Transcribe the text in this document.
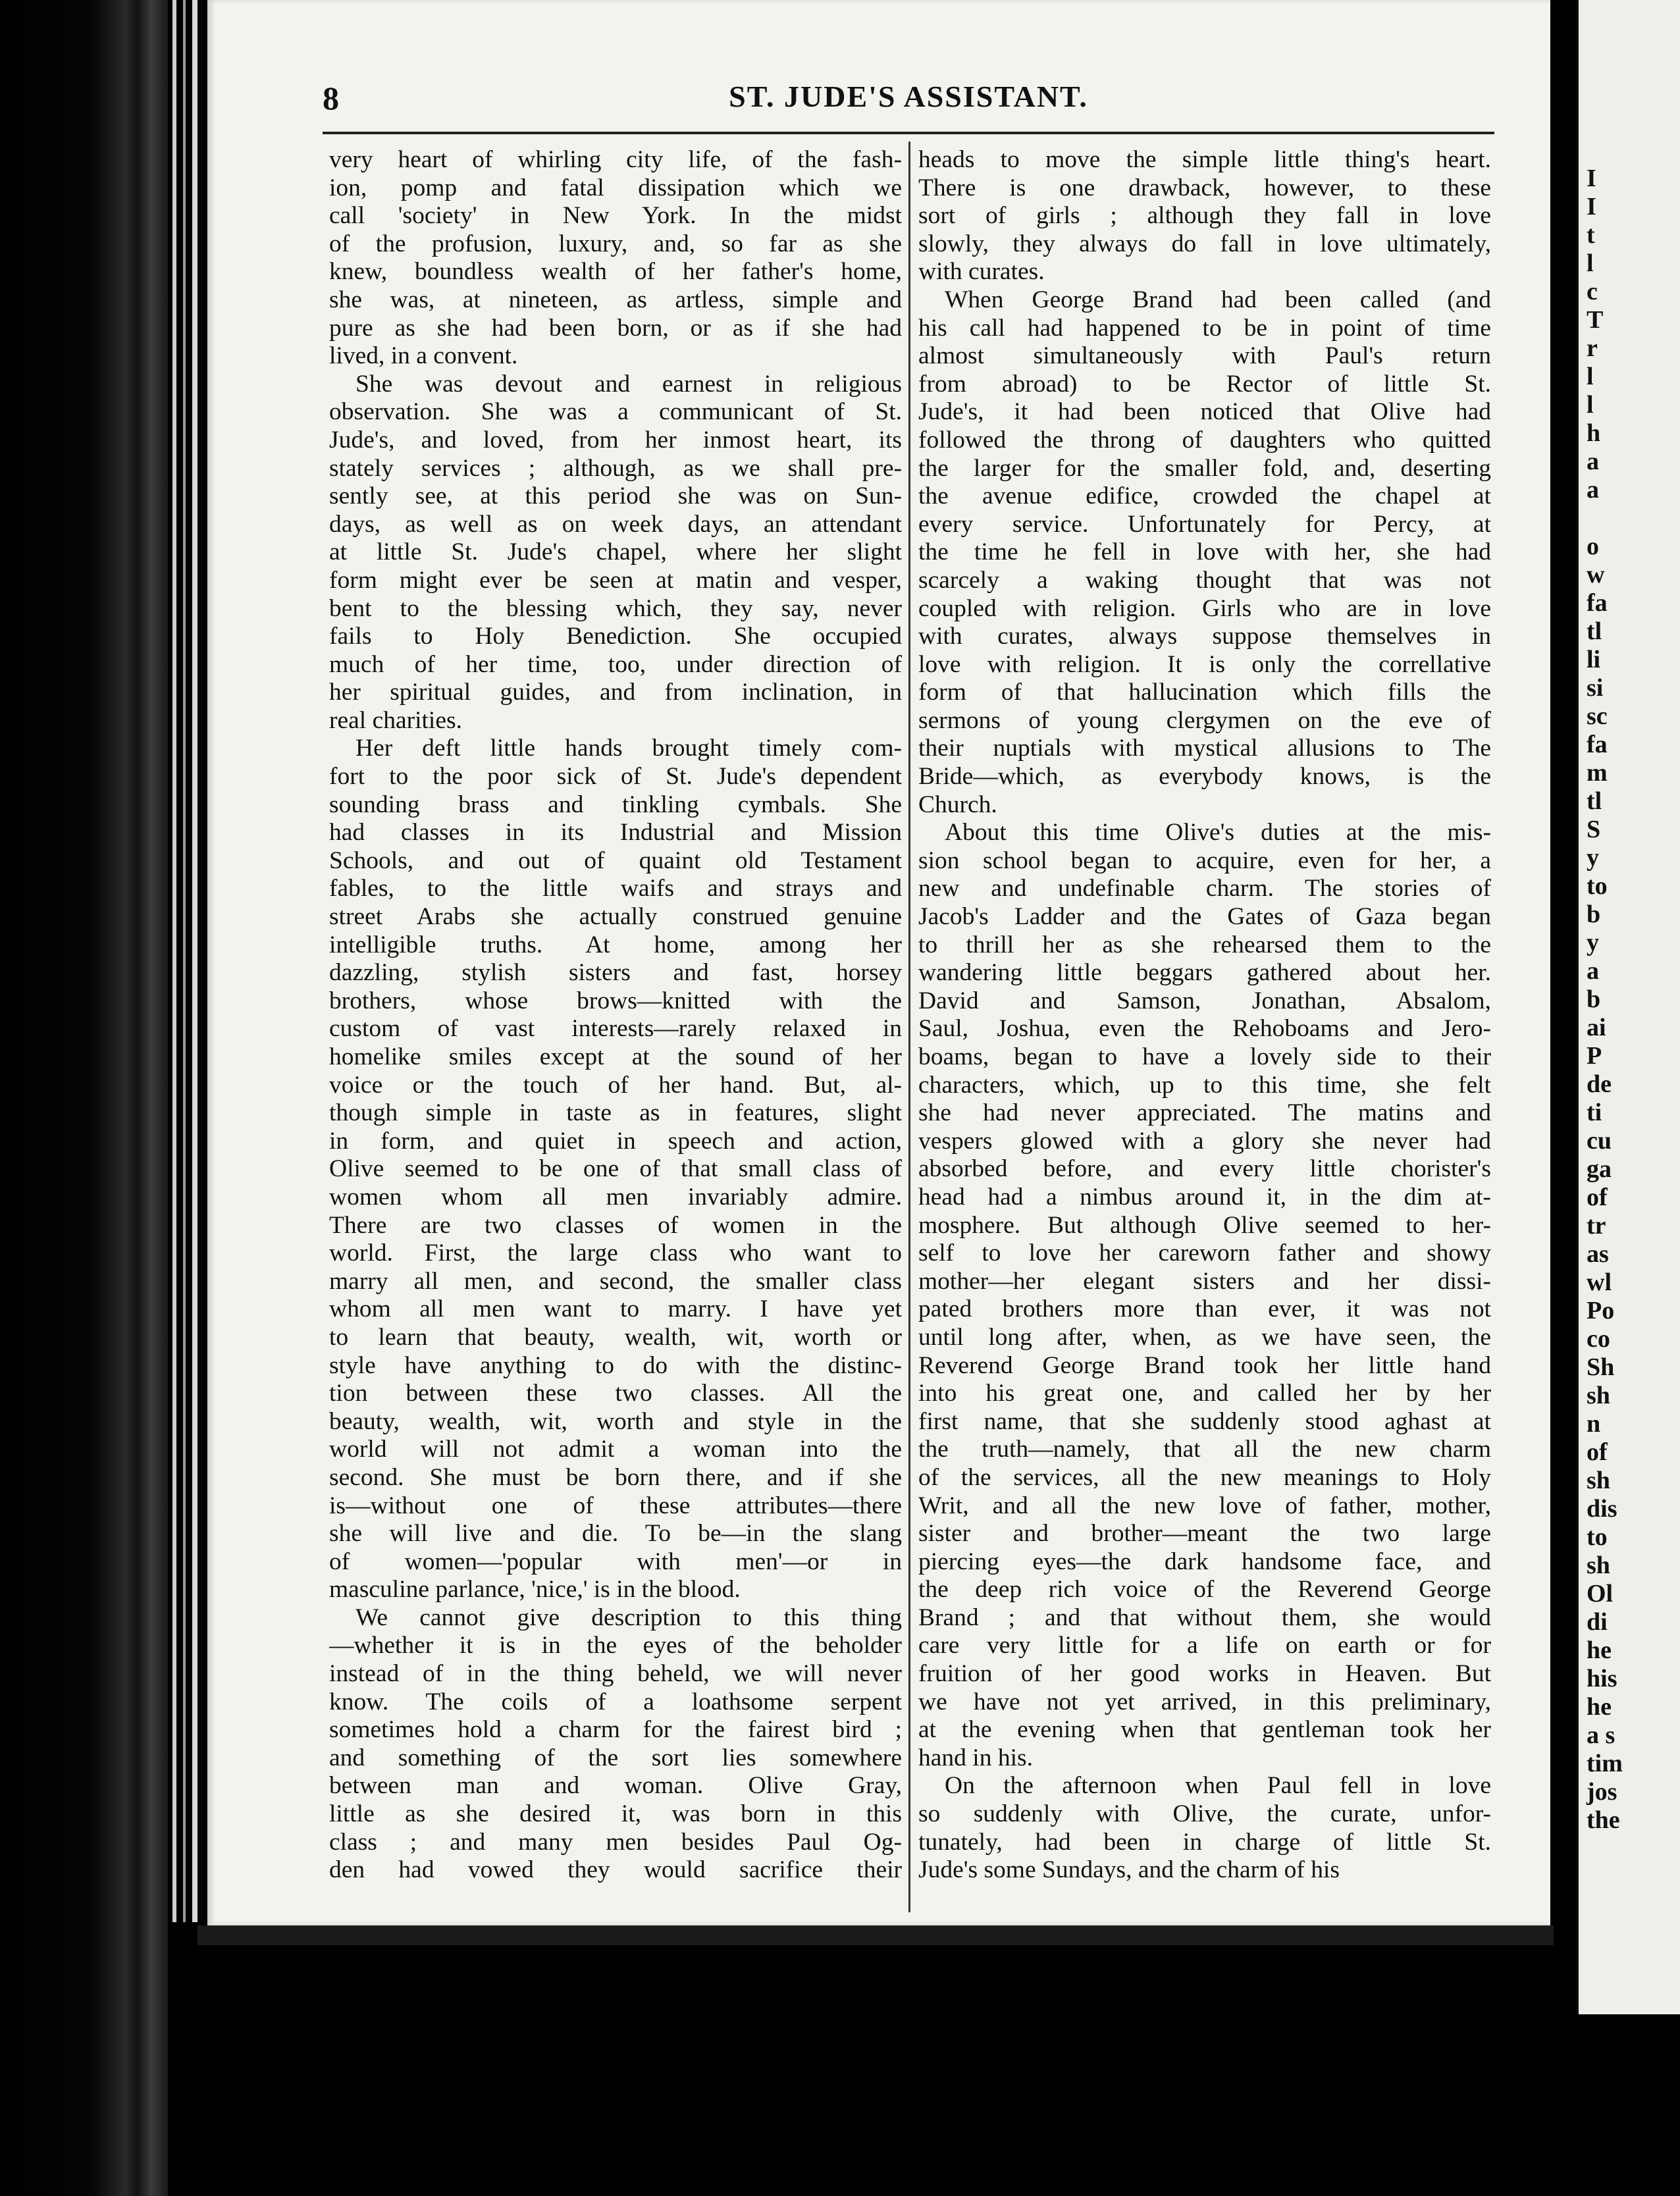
8	ST. JUDE'S ASSISTANT.
very heart of whirling city life, of the fash-
ion, pomp and fatal dissipation which we
call 'society' in New York. In the midst
of the profusion, luxury, and, so far as she
knew, boundless wealth of her father's home,
she was, at nineteen, as artless, simple and
pure as she had been born, or as if she had
lived, in a convent.
She was devout and earnest in religious
observation. She was a communicant of St.
Jude's, and loved, from her inmost heart, its
stately services ; although, as we shall pre-
sently see, at this period she was on Sun-
days, as well as on week days, an attendant
at little St. Jude's chapel, where her slight
form might ever be seen at matin and vesper,
bent to the blessing which, they say, never
fails to Holy Benediction. She occupied
much of her time, too, under direction of
her spiritual guides, and from inclination, in
real charities.
Her deft little hands brought timely com-
fort to the poor sick of St. Jude's dependent
sounding brass and tinkling cymbals. She
had classes in its Industrial and Mission
Schools, and out of quaint old Testament
fables, to the little waifs and strays and
street Arabs she actually construed genuine
intelligible truths. At home, among her
dazzling, stylish sisters and fast, horsey
brothers, whose brows—knitted with the
custom of vast interests—rarely relaxed in
homelike smiles except at the sound of her
voice or the touch of her hand. But, al-
though simple in taste as in features, slight
in form, and quiet in speech and action,
Olive seemed to be one of that small class of
women whom all men invariably admire.
There are two classes of women in the
world. First, the large class who want to
marry all men, and second, the smaller class
whom all men want to marry. I have yet
to learn that beauty, wealth, wit, worth or
style have anything to do with the distinc-
tion between these two classes. All the
beauty, wealth, wit, worth and style in the
world will not admit a woman into the
second. She must be born there, and if she
is—without one of these attributes—there
she will live and die. To be—in the slang
of women—'popular with men'—or in
masculine parlance, 'nice,' is in the blood.
We cannot give description to this thing
—whether it is in the eyes of the beholder
instead of in the thing beheld, we will never
know. The coils of a loathsome serpent
sometimes hold a charm for the fairest bird ;
and something of the sort lies somewhere
between man and woman. Olive Gray,
little as she desired it, was born in this
class ; and many men besides Paul Og-
den had vowed they would sacrifice their
heads to move the simple little thing's heart.
There is one drawback, however, to these
sort of girls ; although they fall in love
slowly, they always do fall in love ultimately,
with curates.
When George Brand had been called (and
his call had happened to be in point of time
almost simultaneously with Paul's return
from abroad) to be Rector of little St.
Jude's, it had been noticed that Olive had
followed the throng of daughters who quitted
the larger for the smaller fold, and, deserting
the avenue edifice, crowded the chapel at
every service. Unfortunately for Percy, at
the time he fell in love with her, she had
scarcely a waking thought that was not
coupled with religion. Girls who are in love
with curates, always suppose themselves in
love with religion. It is only the correllative
form of that hallucination which fills the
sermons of young clergymen on the eve of
their nuptials with mystical allusions to The
Bride—which, as everybody knows, is the
Church.
About this time Olive's duties at the mis-
sion school began to acquire, even for her, a
new and undefinable charm. The stories of
Jacob's Ladder and the Gates of Gaza began
to thrill her as she rehearsed them to the
wandering little beggars gathered about her.
David and Samson, Jonathan, Absalom,
Saul, Joshua, even the Rehoboams and Jero-
boams, began to have a lovely side to their
characters, which, up to this time, she felt
she had never appreciated. The matins and
vespers glowed with a glory she never had
absorbed before, and every little chorister's
head had a nimbus around it, in the dim at-
mosphere. But although Olive seemed to her-
self to love her careworn father and showy
mother—her elegant sisters and her dissi-
pated brothers more than ever, it was not
until long after, when, as we have seen, the
Reverend George Brand took her little hand
into his great one, and called her by her
first name, that she suddenly stood aghast at
the truth—namely, that all the new charm
of the services, all the new meanings to Holy
Writ, and all the new love of father, mother,
sister and brother—meant the two large
piercing eyes—the dark handsome face, and
the deep rich voice of the Reverend George
Brand ; and that without them, she would
care very little for a life on earth or for
fruition of her good works in Heaven. But
we have not yet arrived, in this preliminary,
at the evening when that gentleman took her
hand in his.
On the afternoon when Paul fell in love
so suddenly with Olive, the curate, unfor-
tunately, had been in charge of little St.
Jude's some Sundays, and the charm of his
I
I
t
l
c
T
r
l
l
h
a
a
o
w
fa
tl
li
si
sc
fa
m
tl
S
y
to
b
y
a
b
ai
P
de
ti
cu
ga
of
tr
as
wl
Po
co
Sh
sh
n
of
sh
dis
to
sh
Ol
di
he
his
he
a s
tim
jos
the
